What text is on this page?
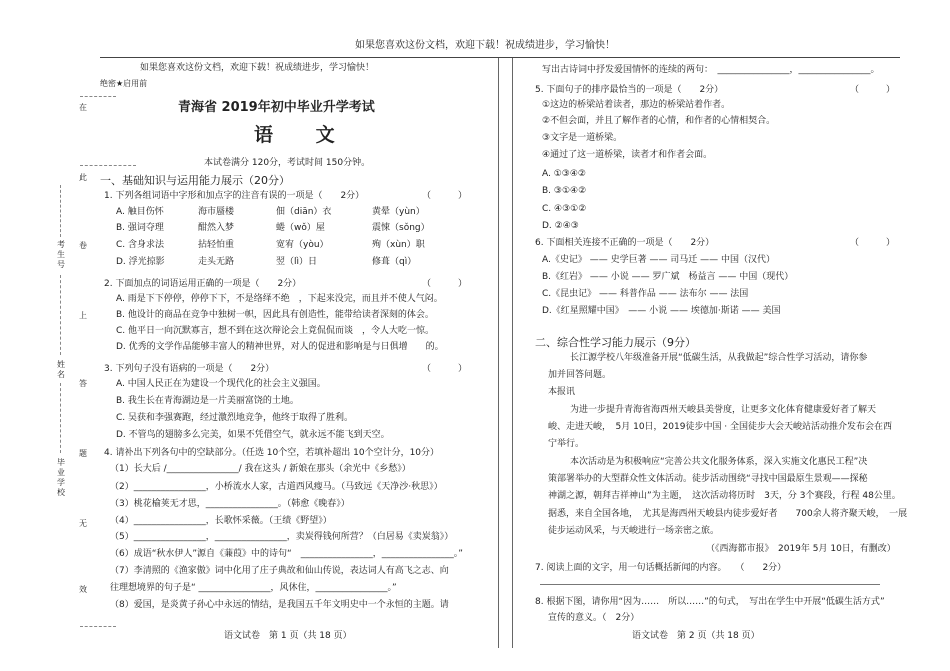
如果您喜欢这份文档，欢迎下载！祝成绩进步，学习愉快！
在
此
卷
上
答
题
无
效
考生号
姓名
毕业学校
如果您喜欢这份文档，欢迎下载！祝成绩进步，学习愉快！
绝密★启用前
青海省 2019年初中毕业升学考试
语 文
本试卷满分 120分，考试时间 150分钟。
一、基础知识与运用能力展示（20分）
1. 下列各组词语中字形和加点字的注音有误的一项是（　　2分）	（　　　）
A. 触目伤怀	海市蜃楼	佃（diān）衣	黄晕（yùn）
B. 强词夺理	酣然入梦	蜷（wǒ）屋	震悚（sǒng）
C. 含身求法	拈轻怕重	宽宥（yòu）	殉（xùn）职
D. 浮光掠影	走头无路	翌（lì）日	修葺（qì）
2. 下面加点的词语运用正确的一项是（　　2分）	（　　　）
A. 雨是下下停停，停停下下，不是络绎不绝　，下起来没完，而且并不使人气闷。
B. 他设计的商品在竞争中独树一帜，因此具有创造性，能带给读者深刻的体会。
C. 他平日一向沉默寡言，想不到在这次辩论会上竟侃侃而谈　，令人大吃一惊。
D. 优秀的文学作品能够丰富人的精神世界，对人的促进和影响是与日俱增　　的。
3. 下列句子没有语病的一项是（　　2分）	（　　　）
A. 中国人民正在为建设一个现代化的社会主义强国。
B. 我生长在青海湖边是一片美丽富饶的土地。
C. 吴获和李强赛跑，经过激烈地竞争，他终于取得了胜利。
D. 不管鸟的翅膀多么完美，如果不凭借空气，就永远不能飞到天空。
4. 请补出下列各句中的空缺部分。（任选 10个空，若填补超出 10个空计分，10分）
（1）长大后 /________________/ 我在这头 / 新娘在那头（余光中《乡愁》）
（2）________________，小桥流水人家，古道西风瘦马。（马致远《天净沙·秋思》）
（3）桃花榆荚无才思，________________。（韩愈《晚春》）
（4）________________，长歌怀采薇。（王绩《野望》）
（5）________________，________________，卖炭得钱何所营？（白居易《卖炭翁》）
（6）成语“秋水伊人”源自《蒹葭》中的诗句“　________________，________________。”
（7）李清照的《渔家傲》词中化用了庄子典故和仙山传说，表达词人有高飞之志、向
往理想境界的句子是“ ________________，风休住，________________。”
（8）爱国，是炎黄子孙心中永远的情结，是我国五千年文明史中一个永恒的主题。请
语文试卷　第 1 页（共 18 页）
写出古诗词中抒发爱国情怀的连续的两句：　________________，________________。
5. 下面句子的排序最恰当的一项是（　　2分）	（　　　）
①这边的桥梁站着读者，那边的桥梁站着作者。
②不但会面，并且了解作者的心情，和作者的心情相契合。
③文字是一道桥梁。
④通过了这一道桥梁，读者才和作者会面。
A. ①③④②
B. ③①④②
C. ④③①②
D. ②④③
6. 下面相关连接不正确的一项是（　　2分）	（　　　）
A.《史记》 —— 史学巨著 —— 司马迁 —— 中国（汉代）
B.《红岩》 —— 小说 —— 罗广斌　杨益言 —— 中国（现代）
C.《昆虫记》 —— 科普作品 —— 法布尔 —— 法国
D.《红星照耀中国》　—— 小说 —— 埃德加·斯诺 —— 美国
二、综合性学习能力展示（9分）
长江源学校八年级准备开展“低碳生活，从我做起”综合性学习活动，请你参
加并回答问题。
本报讯
为进一步提升青海省海西州天峻县美誉度，让更多文化体育健康爱好者了解天
峻、走进天峻，　5月 10日，2019徒步中国 · 全国徒步大会天峻站活动推介发布会在西
宁举行。
本次活动是为积极响应“完善公共文化服务体系，深入实施文化惠民工程”决
策部署举办的大型群众性文体活动。徒步活动围绕“寻找中国最原生景观——探秘
神湖之源，朝拜吉祥神山”为主题，　这次活动将历时　3天，分 3个赛段，行程 48公里。
据悉，来自全国各地，　尤其是海西州天峻县内徒步爱好者　　700余人将齐聚天峻，　一展
徒步运动风采，与天峻进行一场亲密之旅。
（《西海都市报》　2019年 5月 10日，有删改）
7. 阅读上面的文字，用一句话概括新闻的内容。　　（　　2分）
8. 根据下图，请你用“因为……　所以……”的句式，　写出在学生中开展“低碳生活方式”
宣传的意义。（　2分）
语文试卷　第 2 页（共 18 页）
